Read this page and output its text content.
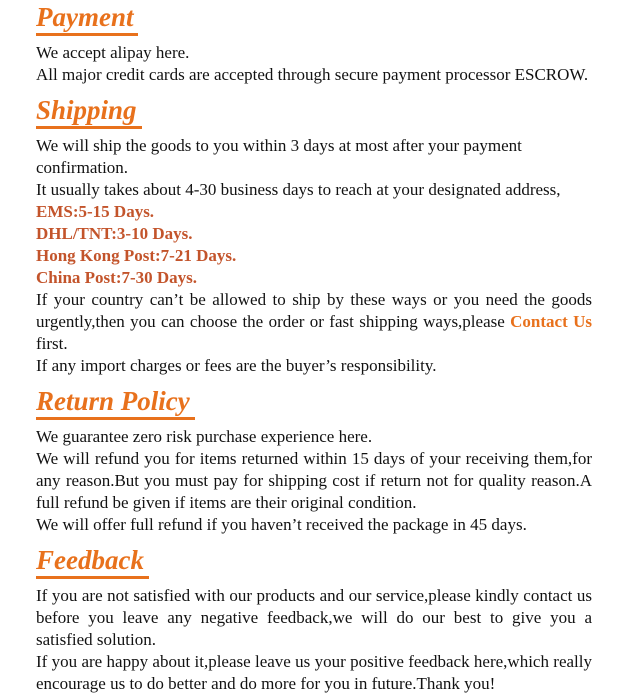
Payment

We accept alipay here.

All major credit cards are accepted through secure payment processor ESCROW.

Shipping

We will ship the goods to you within 3 days at most after your payment confirmation.

It usually takes about 4-30 business days to reach at your designated address,

EMS:5-15 Days.

DHL/TNT:3-10 Days.

Hong Kong Post:7-21 Days.

China Post:7-30 Days.

If your country can’t be allowed to ship by these ways or you need the goods urgently,then you can choose the order or fast shipping ways,please Contact Us first.

If any import charges or fees are the buyer’s responsibility.

Return Policy

We guarantee zero risk purchase experience here.

We will refund you for items returned within 15 days of your receiving them,for any reason.But you must pay for shipping cost if return not for quality reason.A full refund be given if items are their original condition.

We will offer full refund if you haven’t received the package in 45 days.

Feedback

If you are not satisfied with our products and our service,please kindly contact us before you leave any negative feedback,we will do our best to give you a satisfied solution.

If you are happy about it,please leave us your positive feedback here,which really encourage us to do better and do more for you in future.Thank you!
